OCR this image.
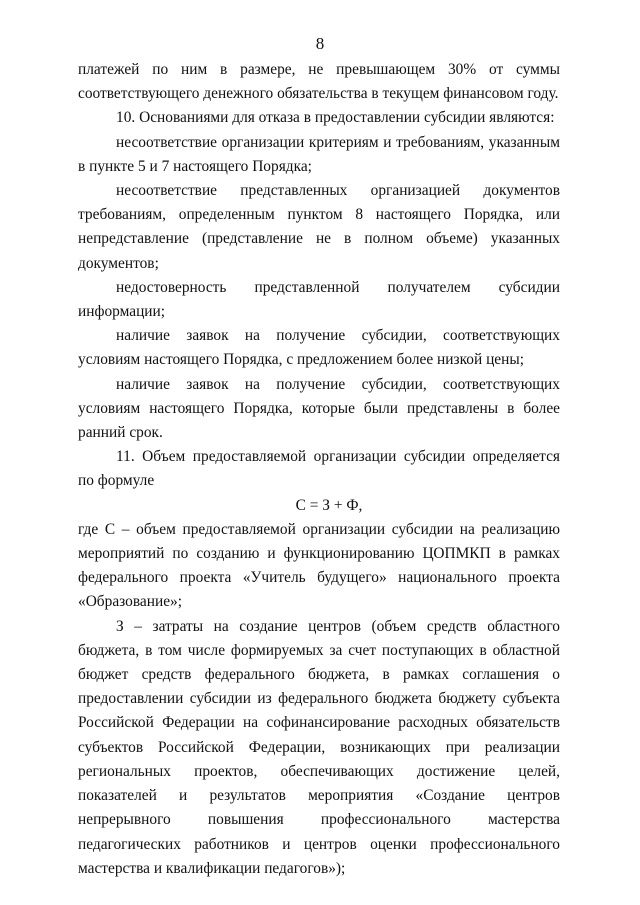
8

платежей по ним в размере, не превышающем 30% от суммы соответствующего денежного обязательства в текущем финансовом году.

10. Основаниями для отказа в предоставлении субсидии являются:

несоответствие организации критериям и требованиям, указанным в пункте 5 и 7 настоящего Порядка;

несоответствие представленных организацией документов требованиям, определенным пунктом 8 настоящего Порядка, или непредставление (представление не в полном объеме) указанных документов;

недостоверность представленной получателем субсидии информации;

наличие заявок на получение субсидии, соответствующих условиям настоящего Порядка, с предложением более низкой цены;

наличие заявок на получение субсидии, соответствующих условиям настоящего Порядка, которые были представлены в более ранний срок.

11. Объем предоставляемой организации субсидии определяется по формуле

С = З + Ф,

где С – объем предоставляемой организации субсидии на реализацию мероприятий по созданию и функционированию ЦОПМКП в рамках федерального проекта «Учитель будущего» национального проекта «Образование»;

З – затраты на создание центров (объем средств областного бюджета, в том числе формируемых за счет поступающих в областной бюджет средств федерального бюджета, в рамках соглашения о предоставлении субсидии из федерального бюджета бюджету субъекта Российской Федерации на софинансирование расходных обязательств субъектов Российской Федерации, возникающих при реализации региональных проектов, обеспечивающих достижение целей, показателей и результатов мероприятия «Создание центров непрерывного повышения профессионального мастерства педагогических работников и центров оценки профессионального мастерства и квалификации педагогов»);
